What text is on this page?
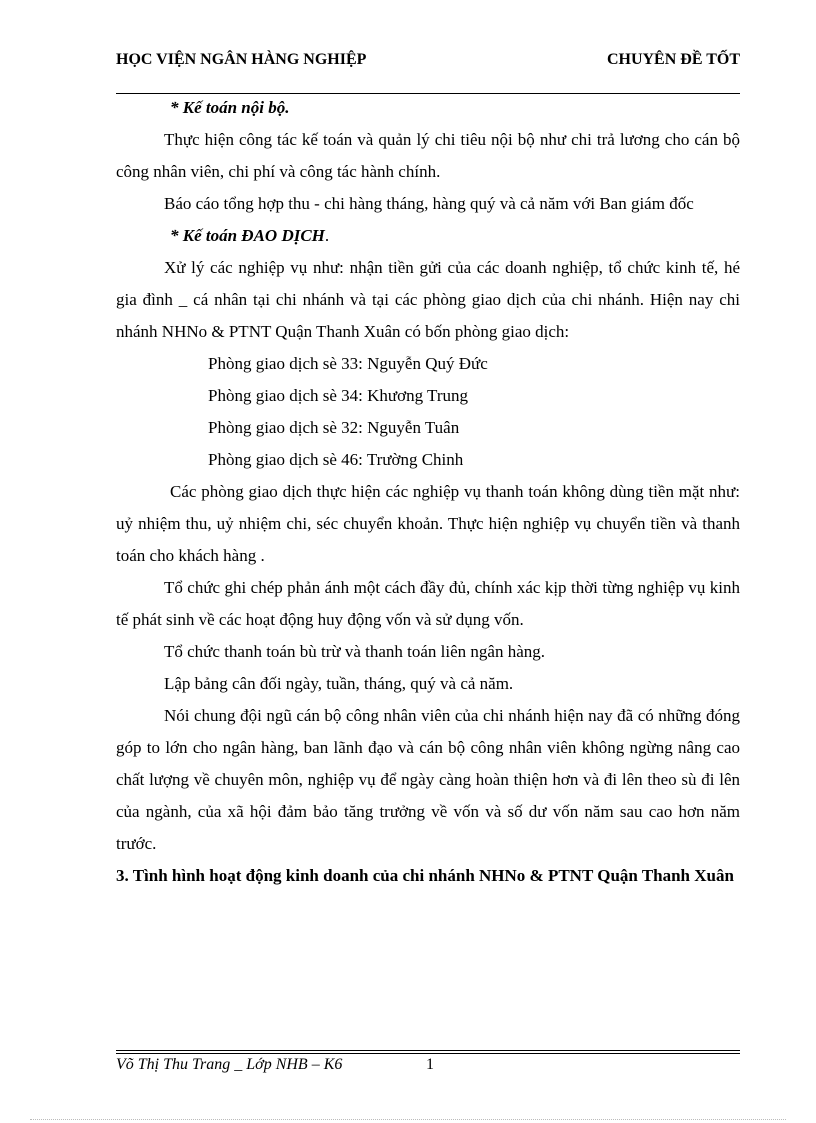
HỌC VIỆN NGÂN HÀNG NGHIỆP	CHUYÊN ĐỀ TỐT

* Kế toán nội bộ.

Thực hiện công tác kế toán và quản lý chi tiêu nội bộ như chi trả lương cho cán bộ công nhân viên, chi phí và công tác hành chính.

Báo cáo tổng hợp thu - chi hàng tháng, hàng quý và cả năm với Ban giám đốc

* Kế toán ĐAO DỊCH.

Xử lý các nghiệp vụ như: nhận tiền gửi của các doanh nghiệp, tổ chức kinh tế, hé gia đình _ cá nhân tại chi nhánh và tại các phòng giao dịch của chi nhánh. Hiện nay chi nhánh NHNo & PTNT Quận Thanh Xuân có bốn phòng giao dịch:

Phòng giao dịch sè 33: Nguyễn Quý Đức

Phòng giao dịch sè 34: Khương Trung

Phòng giao dịch sè 32: Nguyễn Tuân

Phòng giao dịch sè 46: Trường Chinh

Các phòng giao dịch thực hiện các nghiệp vụ thanh toán không dùng tiền mặt như: uỷ nhiệm thu, uỷ nhiệm chi, séc chuyển khoản. Thực hiện nghiệp vụ chuyển tiền và thanh toán cho khách hàng .

Tổ chức ghi chép phản ánh một cách đầy đủ, chính xác kịp thời từng nghiệp vụ kinh tế phát sinh về các hoạt động huy động vốn và sử dụng vốn.

Tổ chức thanh toán bù trừ và thanh toán liên ngân hàng.

Lập bảng cân đối ngày, tuần, tháng, quý và cả năm.

Nói chung đội ngũ cán bộ công nhân viên của chi nhánh hiện nay đã có những đóng góp to lớn cho ngân hàng, ban lãnh đạo và cán bộ công nhân viên không ngừng nâng cao chất lượng về chuyên môn, nghiệp vụ để ngày càng hoàn thiện hơn và đi lên theo sù đi lên của ngành, của xã hội đảm bảo tăng trưởng về vốn và số dư vốn năm sau cao hơn năm trước.

3. Tình hình hoạt động kinh doanh của chi nhánh NHNo & PTNT Quận Thanh Xuân

Võ Thị Thu Trang _ Lớp NHB – K6	1
